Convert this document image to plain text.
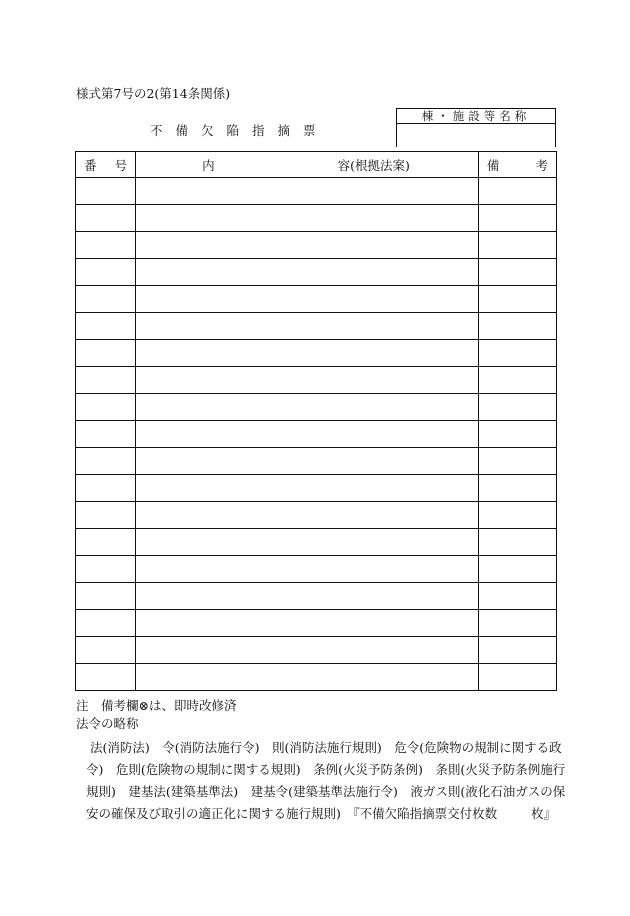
様式第7号の2(第14条関係)
不備欠陥指摘票
棟・施設等名称
番 号	内 容(根拠法案)	備 考

注　備考欄⊗は、即時改修済

法令の略称

法(消防法)　令(消防法施行令)　則(消防法施行規則)　危令(危険物の規制に関する政

令)　危則(危険物の規制に関する規則)　条例(火災予防条例)　条則(火災予防条例施行

規則)　建基法(建築基準法)　建基令(建築基準法施行令)　液ガス則(液化石油ガスの保

安の確保及び取引の適正化に関する施行規則)　『不備欠陥指摘票交付枚数	枚』
